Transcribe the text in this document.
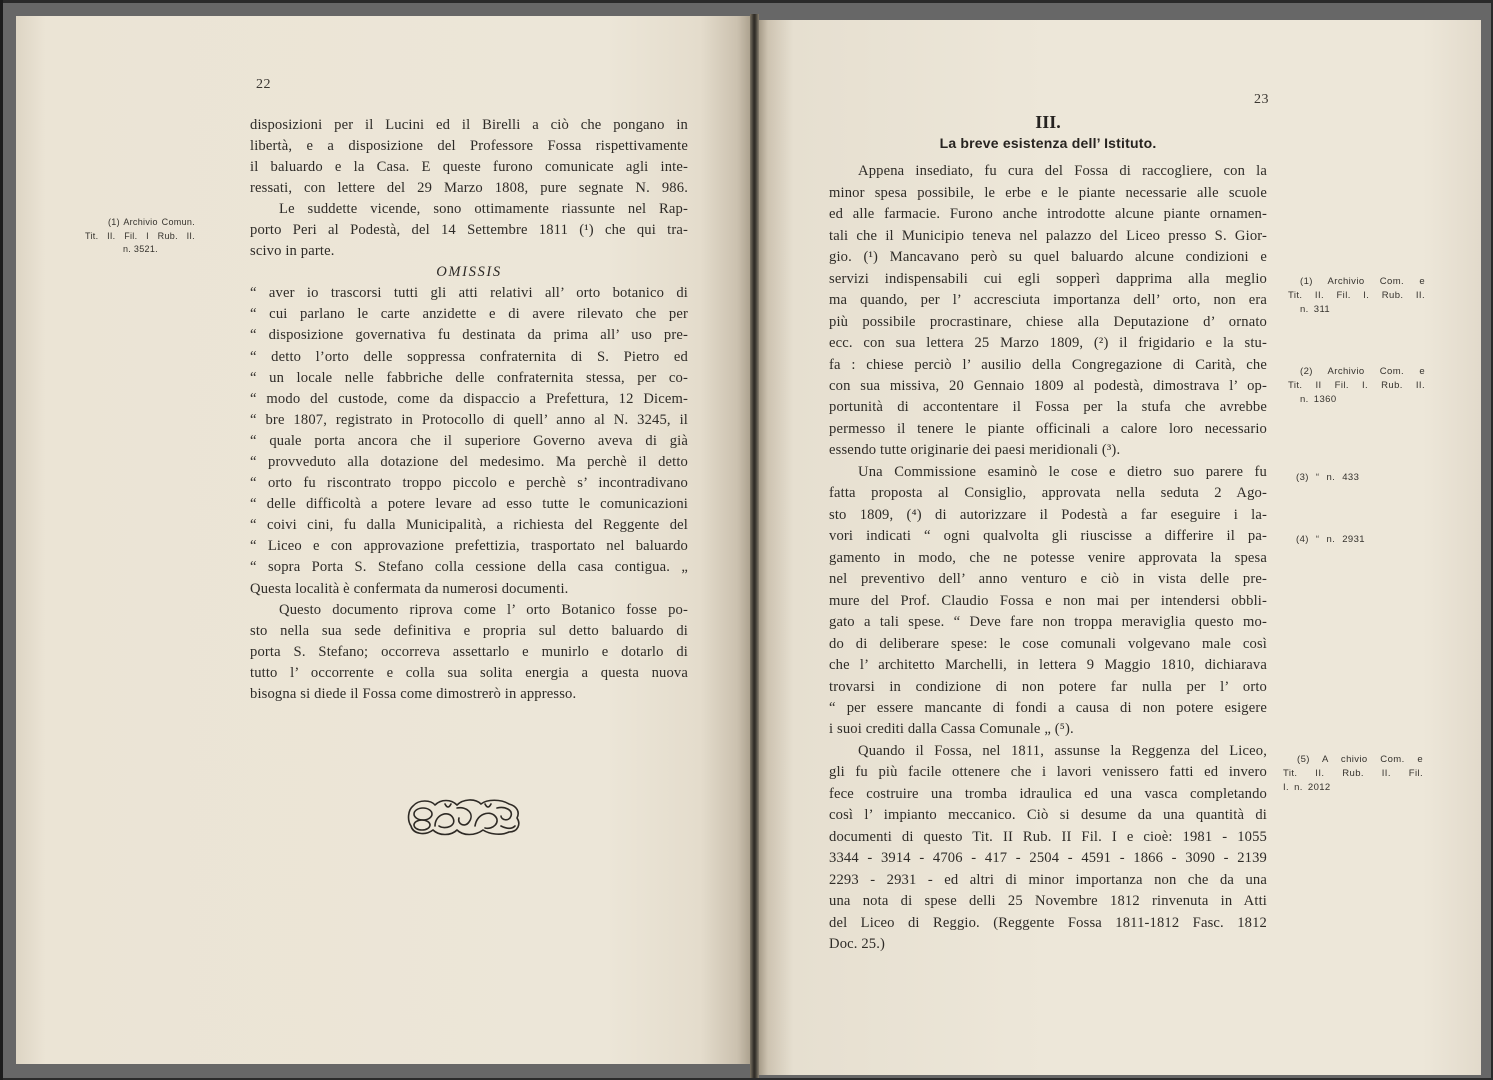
22
(1) Archivio Comun.
Tit. II. Fil. I Rub. II.
n. 3521.
disposizioni per il Lucini ed il Birelli a ciò che pongano in
libertà, e a disposizione del Professore Fossa rispettivamente
il baluardo e la Casa. E queste furono comunicate agli inte-
ressati, con lettere del 29 Marzo 1808, pure segnate N. 986.
Le suddette vicende, sono ottimamente riassunte nel Rap-
porto Peri al Podestà, del 14 Settembre 1811 (¹) che qui tra-
scivo in parte.
OMISSIS
“ aver io trascorsi tutti gli atti relativi all’ orto botanico di
“ cui parlano le carte anzidette e di avere rilevato che per
“ disposizione governativa fu destinata da prima all’ uso pre-
“ detto l’orto delle soppressa confraternita di S. Pietro ed
“ un locale nelle fabbriche delle confraternita stessa, per co-
“ modo del custode, come da dispaccio a Prefettura, 12 Dicem-
“ bre 1807, registrato in Protocollo di quell’ anno al N. 3245, il
“ quale porta ancora che il superiore Governo aveva di già
“ provveduto alla dotazione del medesimo. Ma perchè il detto
“ orto fu riscontrato troppo piccolo e perchè s’ incontradivano
“ delle difficoltà a potere levare ad esso tutte le comunicazioni
“ coivi cini, fu dalla Municipalità, a richiesta del Reggente del
“ Liceo e con approvazione prefettizia, trasportato nel baluardo
“ sopra Porta S. Stefano colla cessione della casa contigua. „
Questa località è confermata da numerosi documenti.
Questo documento riprova come l’ orto Botanico fosse po-
sto nella sua sede definitiva e propria sul detto baluardo di
porta S. Stefano; occorreva assettarlo e munirlo e dotarlo di
tutto l’ occorrente e colla sua solita energia a questa nuova
bisogna si diede il Fossa come dimostrerò in appresso.
23
III.
La breve esistenza dell’ Istituto.
Appena insediato, fu cura del Fossa di raccogliere, con la
minor spesa possibile, le erbe e le piante necessarie alle scuole
ed alle farmacie. Furono anche introdotte alcune piante ornamen-
tali che il Municipio teneva nel palazzo del Liceo presso S. Gior-
gio. (¹) Mancavano però su quel baluardo alcune condizioni e
servizi indispensabili cui egli sopperì dapprima alla meglio
ma quando, per l’ accresciuta importanza dell’ orto, non era
più possibile procrastinare, chiese alla Deputazione d’ ornato
ecc. con sua lettera 25 Marzo 1809, (²) il frigidario e la stu-
fa : chiese perciò l’ ausilio della Congregazione di Carità, che
con sua missiva, 20 Gennaio 1809 al podestà, dimostrava l’ op-
portunità di accontentare il Fossa per la stufa che avrebbe
permesso il tenere le piante officinali a calore loro necessario
essendo tutte originarie dei paesi meridionali (³).
Una Commissione esaminò le cose e dietro suo parere fu
fatta proposta al Consiglio, approvata nella seduta 2 Ago-
sto 1809, (⁴) di autorizzare il Podestà a far eseguire i la-
vori indicati “ ogni qualvolta gli riuscisse a differire il pa-
gamento in modo, che ne potesse venire approvata la spesa
nel preventivo dell’ anno venturo e ciò in vista delle pre-
mure del Prof. Claudio Fossa e non mai per intendersi obbli-
gato a tali spese. “ Deve fare non troppa meraviglia questo mo-
do di deliberare spese: le cose comunali volgevano male così
che l’ architetto Marchelli, in lettera 9 Maggio 1810, dichiarava
trovarsi in condizione di non potere far nulla per l’ orto
“ per essere mancante di fondi a causa di non potere esigere
i suoi crediti dalla Cassa Comunale „ (⁵).
Quando il Fossa, nel 1811, assunse la Reggenza del Liceo,
gli fu più facile ottenere che i lavori venissero fatti ed invero
fece costruire una tromba idraulica ed una vasca completando
così l’ impianto meccanico. Ciò si desume da una quantità di
documenti di questo Tit. II Rub. II Fil. I e cioè: 1981 - 1055
3344 - 3914 - 4706 - 417 - 2504 - 4591 - 1866 - 3090 - 2139
2293 - 2931 - ed altri di minor importanza non che da una
una nota di spese delli 25 Novembre 1812 rinvenuta in Atti
del Liceo di Reggio. (Reggente Fossa 1811-1812 Fasc. 1812
Doc. 25.)
(1) Archivio Com. e
Tit. II. Fil. I. Rub. II.
n. 311
(2) Archivio Com. e
Tit. II Fil. I. Rub. II.
n. 1360
(3) “ n. 433
(4) “ n. 2931
(5) A chivio Com. e
Tit. II. Rub. II. Fil.
I. n. 2012
